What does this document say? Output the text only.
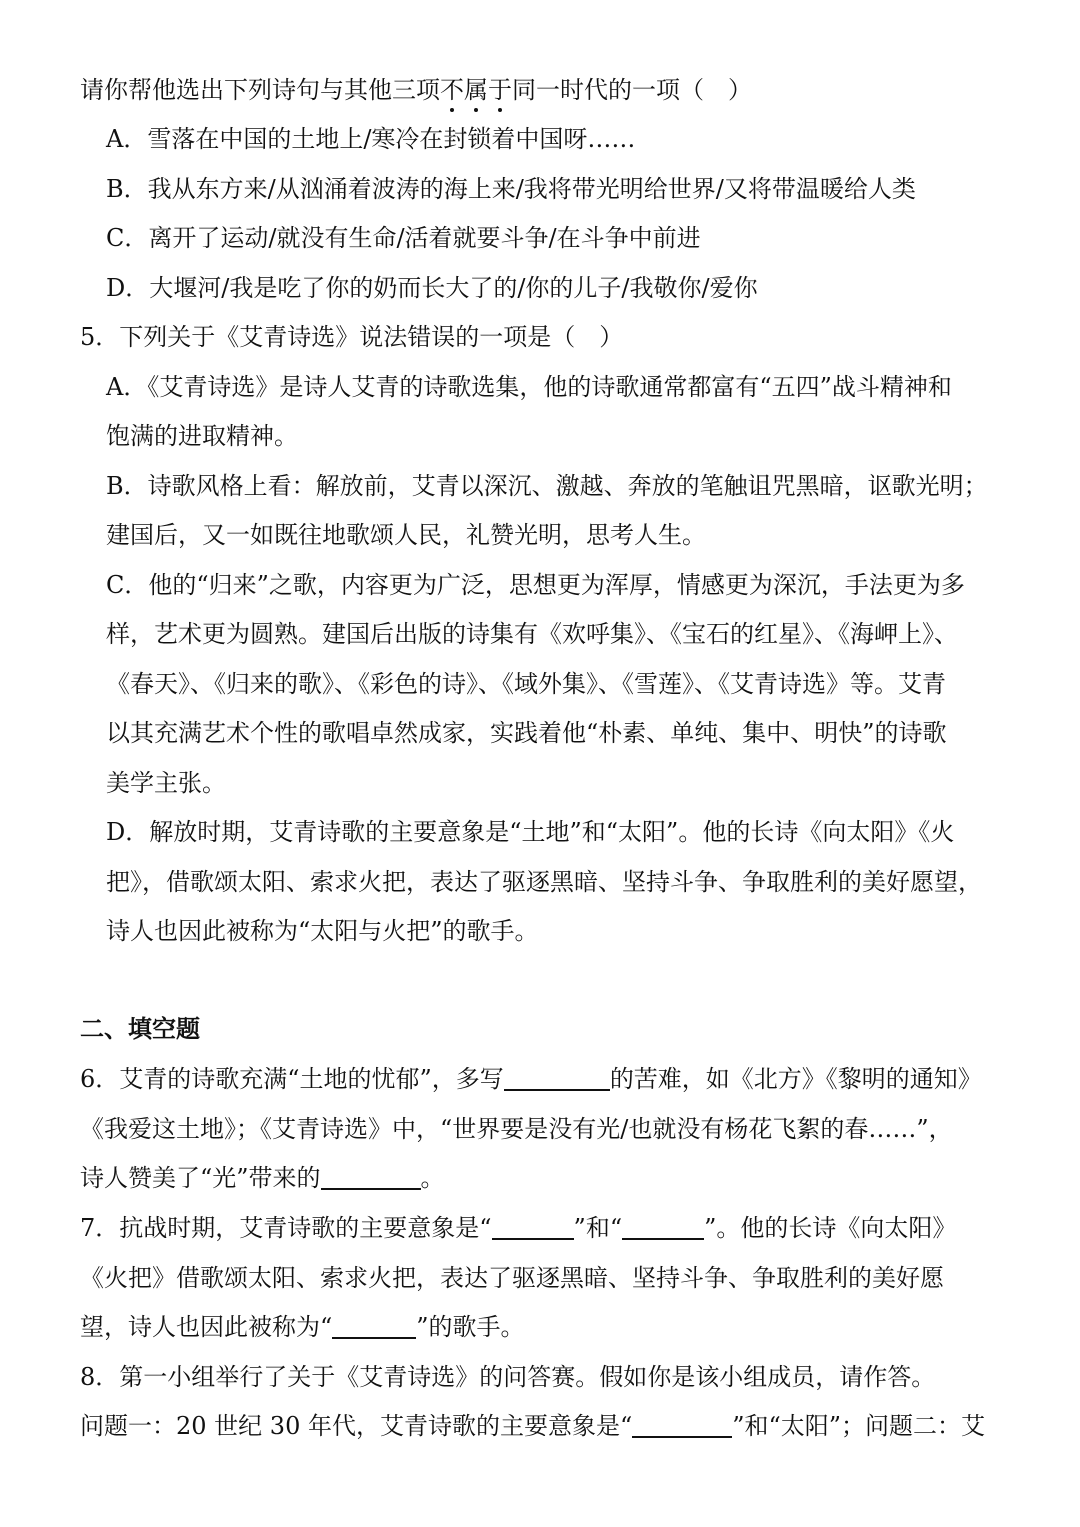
请你帮他选出下列诗句与其他三项不属于同一时代的一项（　）
A．雪落在中国的土地上/寒冷在封锁着中国呀……
B．我从东方来/从汹涌着波涛的海上来/我将带光明给世界/又将带温暖给人类
C．离开了运动/就没有生命/活着就要斗争/在斗争中前进
D．大堰河/我是吃了你的奶而长大了的/你的儿子/我敬你/爱你
5．下列关于《艾青诗选》说法错误的一项是（　）
A．《艾青诗选》是诗人艾青的诗歌选集，他的诗歌通常都富有“五四”战斗精神和
饱满的进取精神。
B．诗歌风格上看：解放前，艾青以深沉、激越、奔放的笔触诅咒黑暗，讴歌光明；
建国后，又一如既往地歌颂人民，礼赞光明，思考人生。
C．他的“归来”之歌，内容更为广泛，思想更为浑厚，情感更为深沉，手法更为多
样，艺术更为圆熟。建国后出版的诗集有《欢呼集》、《宝石的红星》、《海岬上》、
《春天》、《归来的歌》、《彩色的诗》、《域外集》、《雪莲》、《艾青诗选》等。艾青
以其充满艺术个性的歌唱卓然成家，实践着他“朴素、单纯、集中、明快”的诗歌
美学主张。
D．解放时期，艾青诗歌的主要意象是“土地”和“太阳”。他的长诗《向太阳》《火
把》，借歌颂太阳、索求火把，表达了驱逐黑暗、坚持斗争、争取胜利的美好愿望，
诗人也因此被称为“太阳与火把”的歌手。
二、填空题
6．艾青的诗歌充满“土地的忧郁”，多写	的苦难，如《北方》《黎明的通知》
《我爱这土地》；《艾青诗选》中，“世界要是没有光/也就没有杨花飞絮的春……”，
诗人赞美了“光”带来的	。
7．抗战时期，艾青诗歌的主要意象是“	”和“	”。他的长诗《向太阳》
《火把》借歌颂太阳、索求火把，表达了驱逐黑暗、坚持斗争、争取胜利的美好愿
望，诗人也因此被称为“	”的歌手。
8．第一小组举行了关于《艾青诗选》的问答赛。假如你是该小组成员，请作答。
问题一：20 世纪 30 年代，艾青诗歌的主要意象是“	”和“太阳”；问题二：艾
